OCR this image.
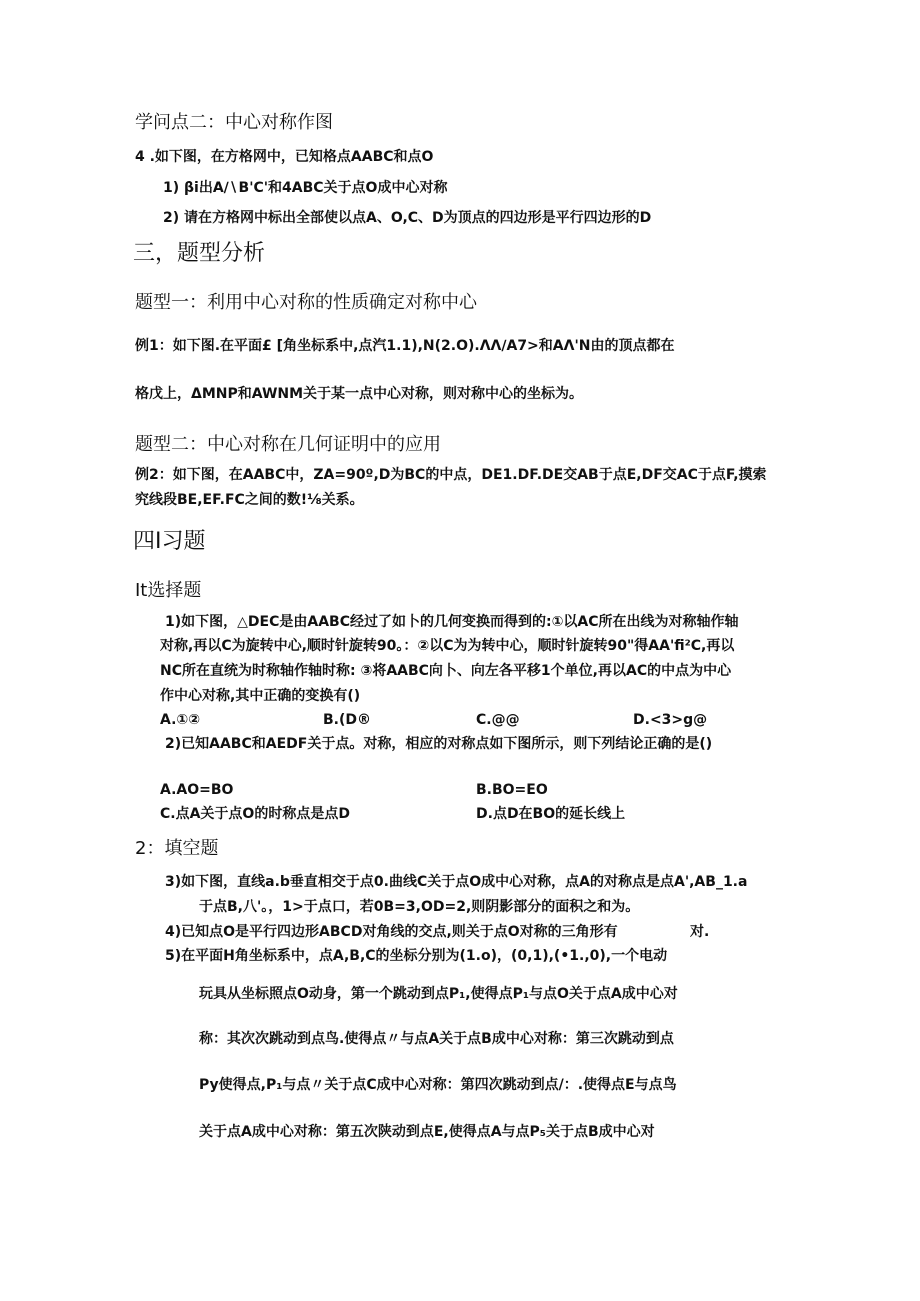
学问点二：中心对称作图
4 .如下图，在方格网中，已知格点AABC和点O
1) βi出A∕∖B'C'和4ABC关于点O成中心对称
2) 请在方格网中标出全部使以点A、O,C、D为顶点的四边形是平行四边形的D
三，题型分析
题型一：利用中心对称的性质确定对称中心
例1：如下图.在平面£ [角坐标系中,点汽1.1),N(2.O).ΛΛ∕A7>和AΛ'N由的顶点都在
格戊上，ΔMNP和AWNM关于某一点中心对称，则对称中心的坐标为。
题型二：中心对称在几何证明中的应用
例2：如下图，在AABC中，ZA=90º,D为BC的中点，DE1.DF.DE交AB于点E,DF交AC于点F,摸索
究线段BE,EF.FC之间的数!⅛关系。
四I习题
It选择题
1)如下图，△DEC是由AABC经过了如卜的几何变换而得到的:①以AC所在出线为对称轴作轴
对称,再以C为旋转中心,顺时针旋转90。：②以C为为转中心，顺时针旋转90"得AA'fi²C,再以
NC所在直统为时称轴作轴时称: ③将AABC向卜、向左各平移1个单位,再以AC的中点为中心
作中心对称,其中正确的变换有()
A.①②	B.(D®	C.@@	D.<3>g@
2)已知AABC和AEDF关于点。对称，相应的对称点如下图所示，则下列结论正确的是()
A.AO=BO	B.BO=EO
C.点A关于点O的时称点是点D	D.点D在BO的延长线上
2：填空题
3)如下图，直线a.b垂直相交于点0.曲线C关于点O成中心对称，点A的对称点是点A',AB_1.a
于点B,八'。，1>于点口，若0B=3,OD=2,则阴影部分的面积之和为。
4)已知点O是平行四边形ABCD对角线的交点,则关于点O对称的三角形有	对.
5)在平面H角坐标系中，点A,B,C的坐标分别为(1.o)，(0,1),(•1.,0),一个电动
玩具从坐标照点O动身，第一个跳动到点P₁,使得点P₁与点O关于点A成中心对
称：其次次跳动到点鸟.使得点〃与点A关于点B成中心对称：第三次跳动到点
Py使得点,P₁与点〃关于点C成中心对称：第四次跳动到点/：.使得点E与点鸟
关于点A成中心对称：第五次陕动到点E,使得点A与点P₅关于点B成中心对
